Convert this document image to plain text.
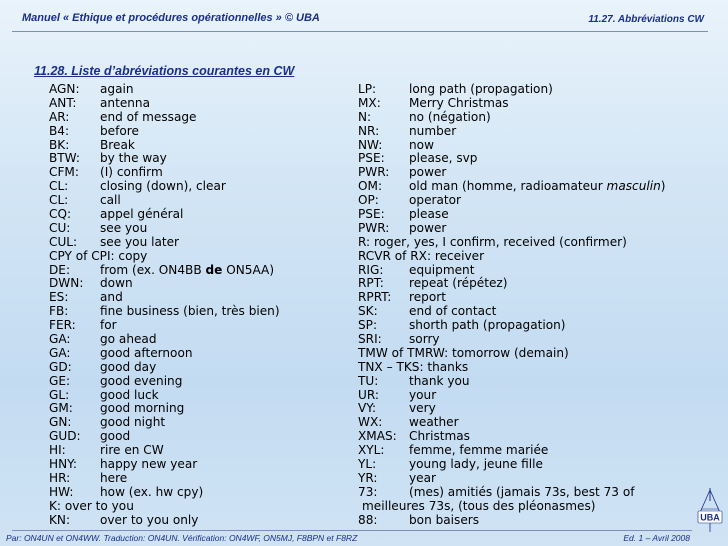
Manuel « Ethique et procédures opérationnelles » © UBA	11.27. Abbréviations CW
11.28. Liste d’abréviations courantes en CW
AGN:	again
ANT:	antenna
AR:	end of message
B4:	before
BK:	Break
BTW:	by the way
CFM:	(I) confirm
CL:	closing (down), clear
CL:	call
CQ:	appel général
CU:	see you
CUL:	see you later
CPY of CPI: copy
DE:	from (ex. ON4BB de ON5AA)
DWN:	down
ES:	and
FB:	fine business (bien, très bien)
FER:	for
GA:	go ahead
GA:	good afternoon
GD:	good day
GE:	good evening
GL:	good luck
GM:	good morning
GN:	good night
GUD:	good
HI:	rire en CW
HNY:	happy new year
HR:	here
HW:	how (ex. hw cpy)
K: over to you
KN:	over to you only
LP:	long path (propagation)
MX:	Merry Christmas
N:	no (négation)
NR:	number
NW:	now
PSE:	please, svp
PWR:	power
OM:	old man (homme, radioamateur masculin)
OP:	operator
PSE:	please
PWR:	power
R: roger, yes, I confirm, received (confirmer)
RCVR of RX: receiver
RIG:	equipment
RPT:	repeat (répétez)
RPRT:	report
SK:	end of contact
SP:	shorth path (propagation)
SRI:	sorry
TMW of TMRW: tomorrow (demain)
TNX – TKS: thanks
TU:	thank you
UR:	your
VY:	very
WX:	weather
XMAS:	Christmas
XYL:	femme, femme mariée
YL:	young lady, jeune fille
YR:	year
73:	(mes) amitiés (jamais 73s, best 73 of
meilleures 73s, (tous des pléonasmes)
88:	bon baisers
Par: ON4UN et ON4WW. Traduction: ON4UN. Vérification: ON4WF, ON5MJ, F8BPN et F8RZ	Ed. 1 – Avril 2008
UBA
